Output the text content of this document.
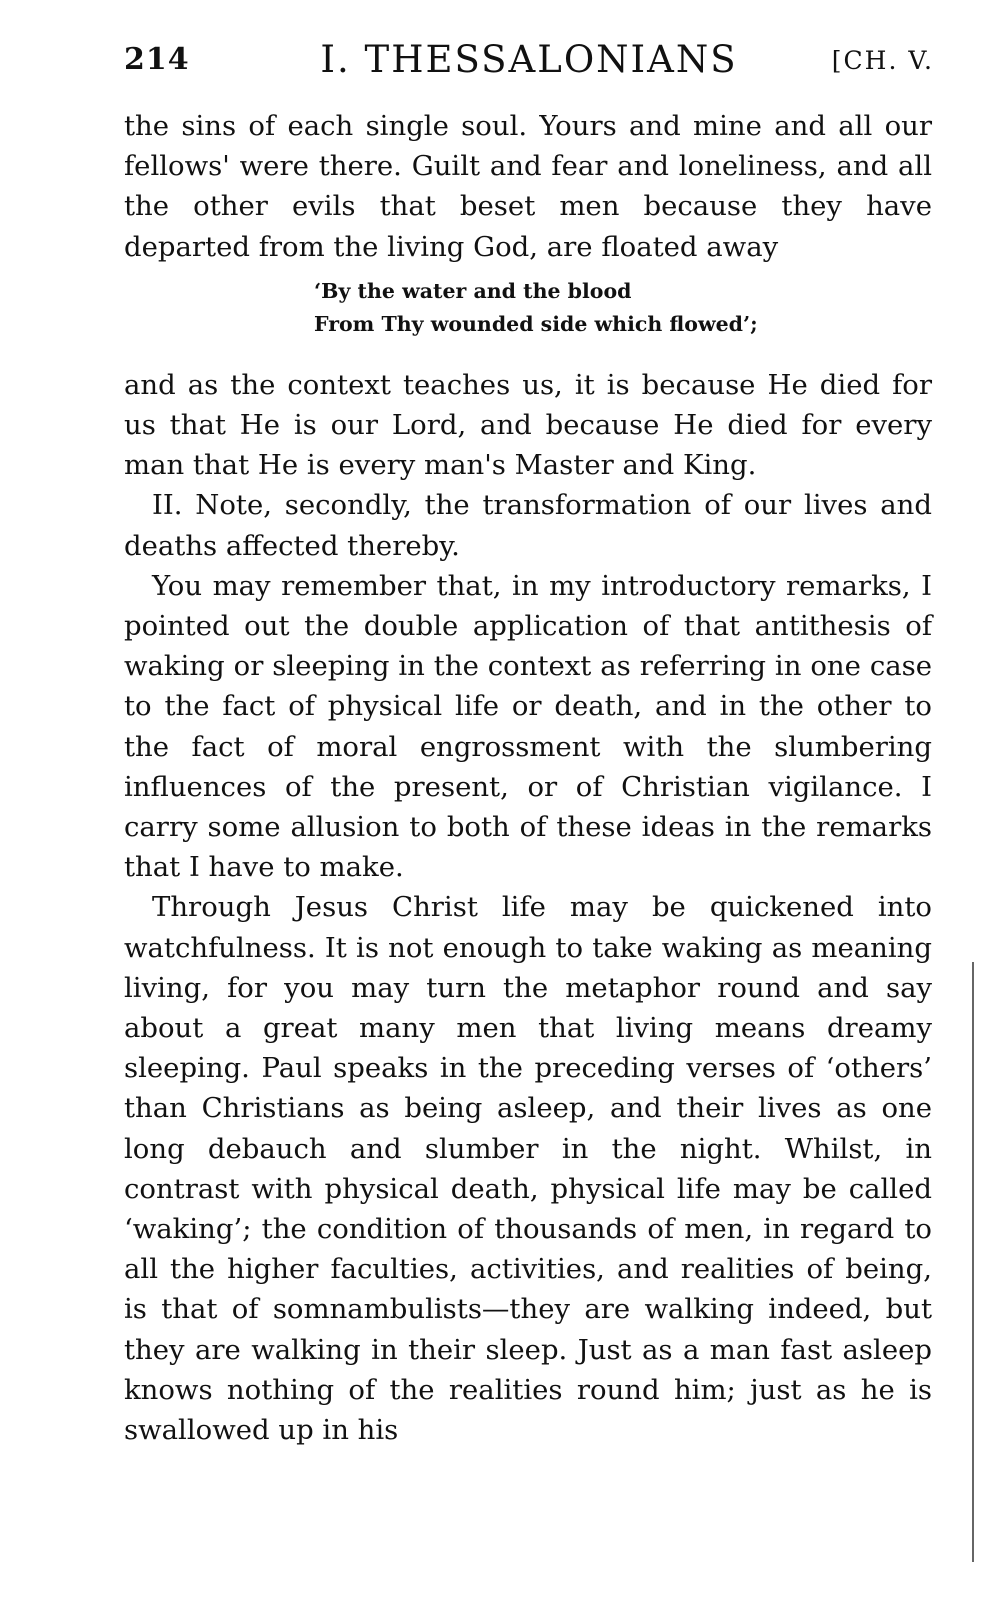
214	I. THESSALONIANS	[CH. V.

the sins of each single soul. Yours and mine and all our fellows' were there. Guilt and fear and loneliness, and all the other evils that beset men because they have departed from the living God, are floated away

‘By the water and the blood
From Thy wounded side which flowed’;

and as the context teaches us, it is because He died for us that He is our Lord, and because He died for every man that He is every man's Master and King.

II. Note, secondly, the transformation of our lives and deaths affected thereby.

You may remember that, in my introductory remarks, I pointed out the double application of that antithesis of waking or sleeping in the context as referring in one case to the fact of physical life or death, and in the other to the fact of moral engrossment with the slumbering influences of the present, or of Christian vigilance. I carry some allusion to both of these ideas in the remarks that I have to make.

Through Jesus Christ life may be quickened into watchfulness. It is not enough to take waking as meaning living, for you may turn the metaphor round and say about a great many men that living means dreamy sleeping. Paul speaks in the preceding verses of ‘others’ than Christians as being asleep, and their lives as one long debauch and slumber in the night. Whilst, in contrast with physical death, physical life may be called ‘waking’; the condition of thousands of men, in regard to all the higher faculties, activities, and realities of being, is that of somnambulists—they are walking indeed, but they are walking in their sleep. Just as a man fast asleep knows nothing of the realities round him; just as he is swallowed up in his
